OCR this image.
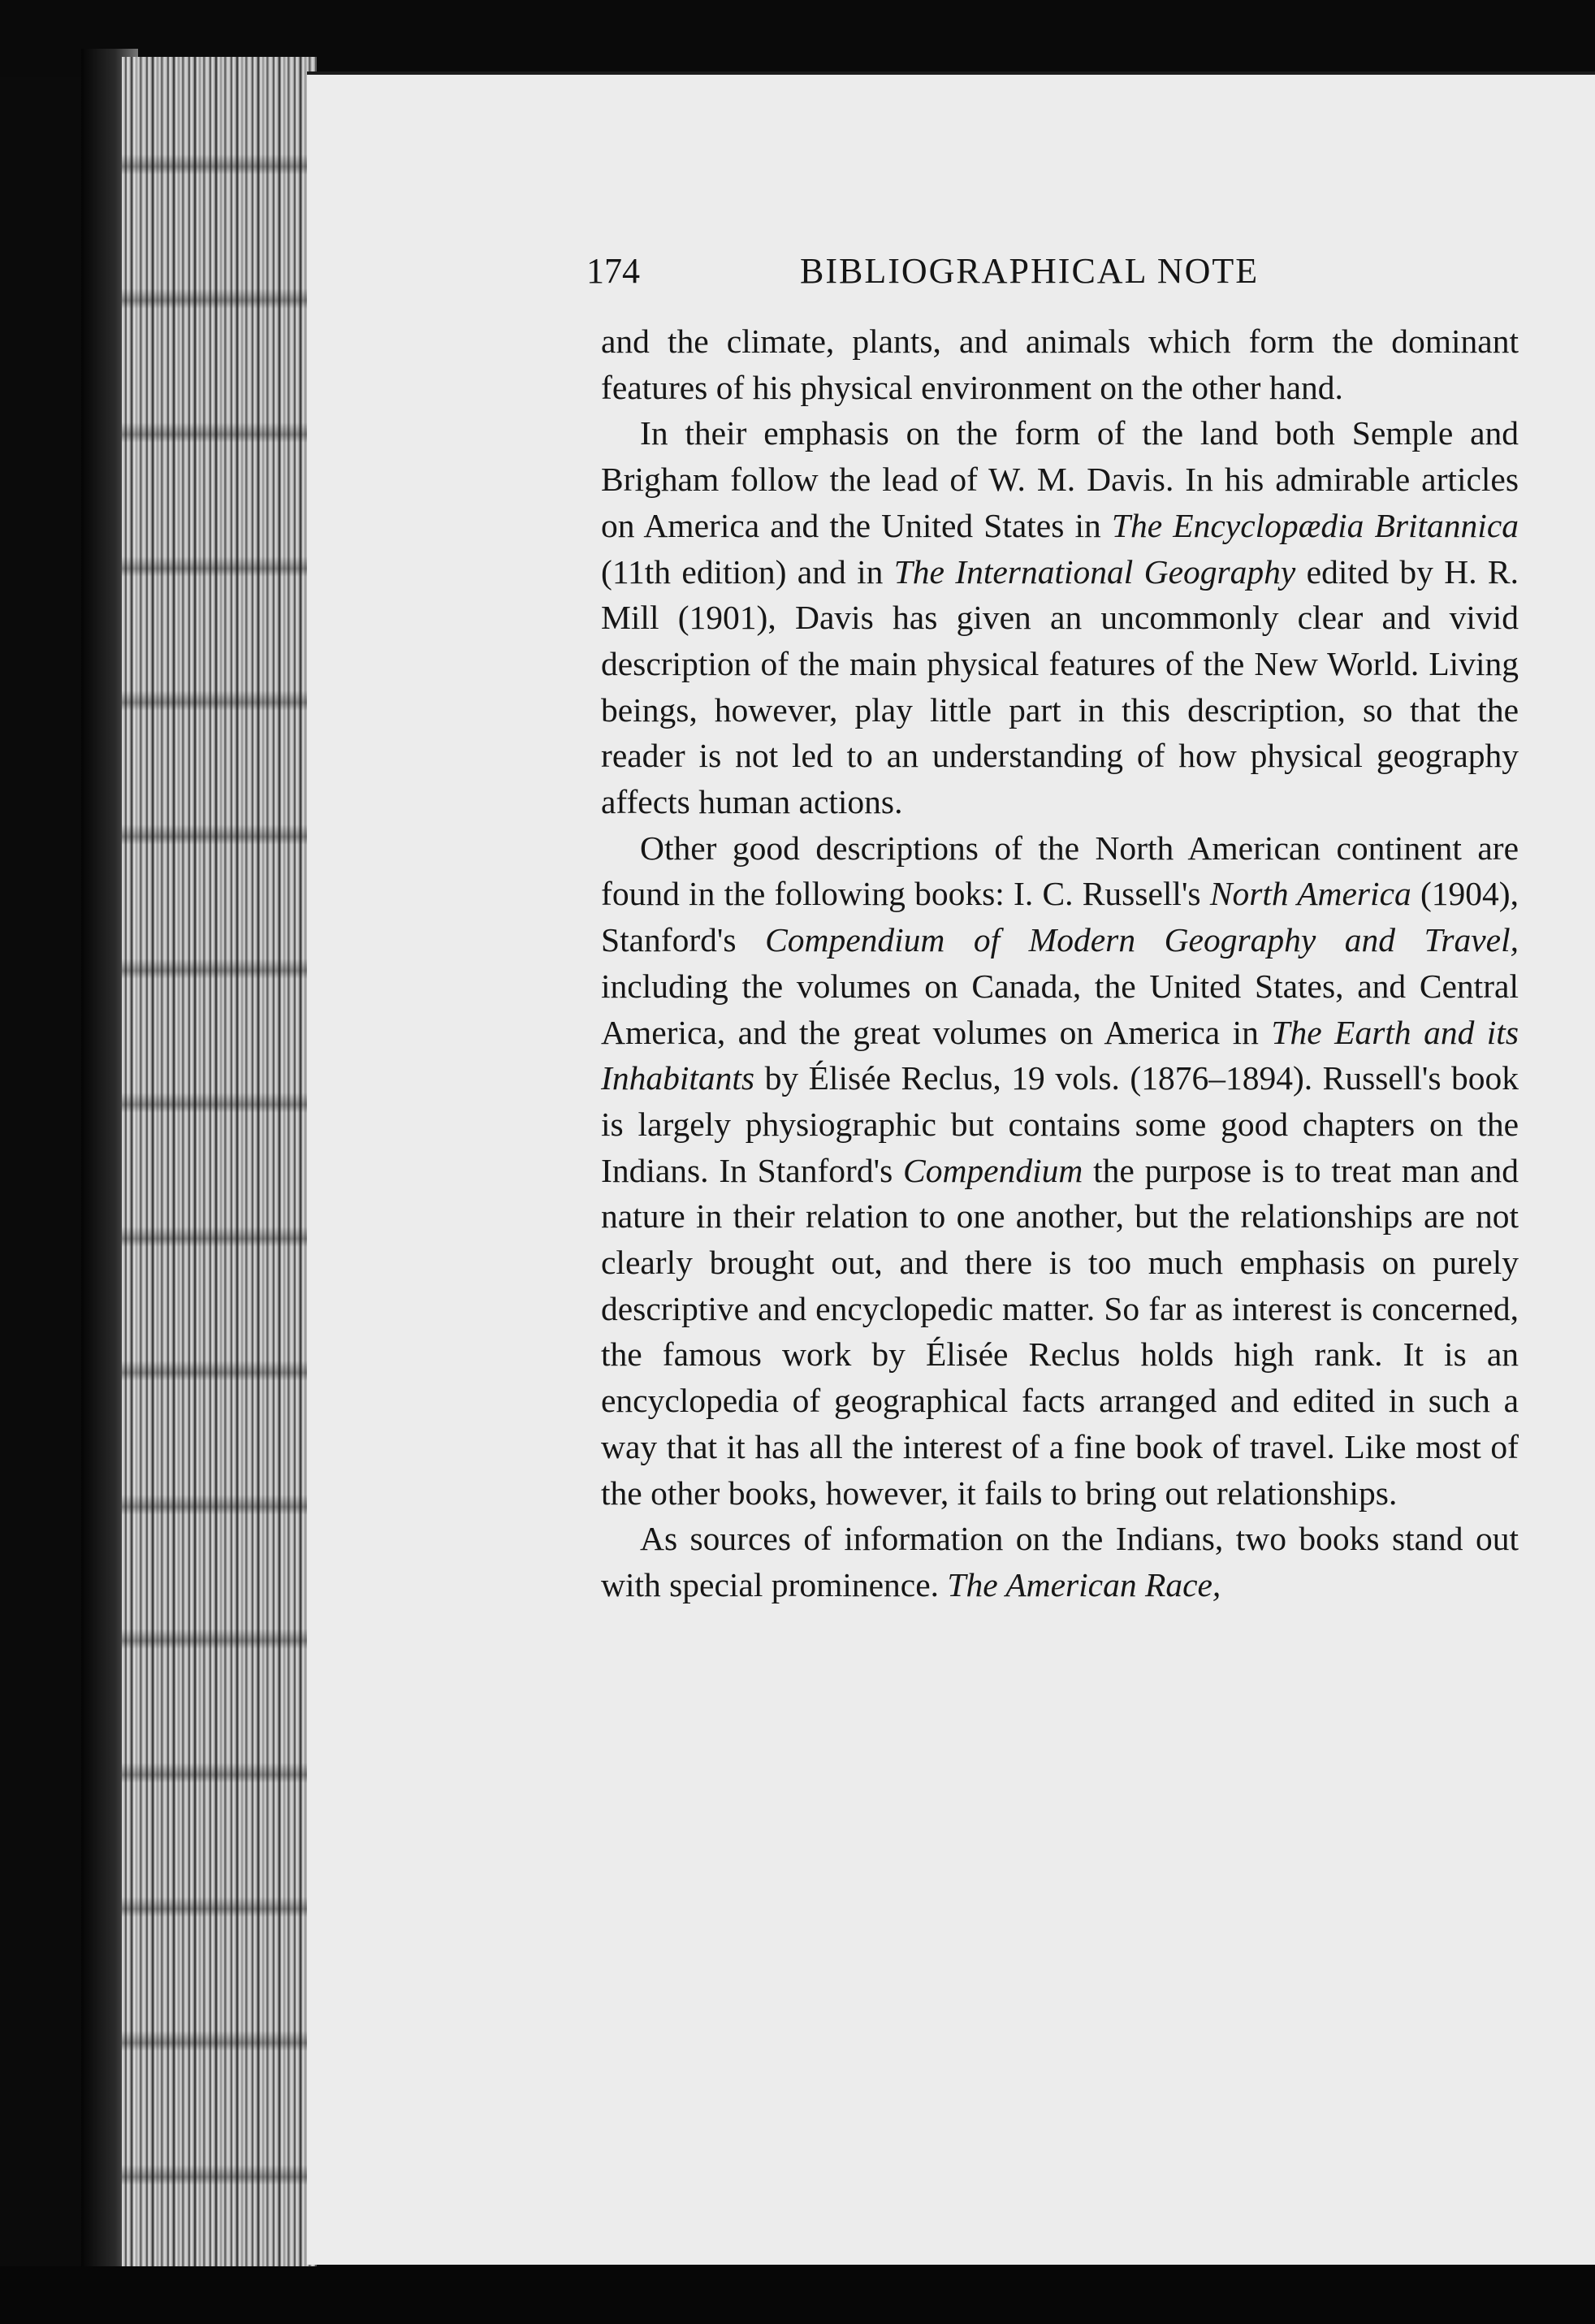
174	BIBLIOGRAPHICAL NOTE

and the climate, plants, and animals which form the dominant features of his physical environment on the other hand.

In their emphasis on the form of the land both Semple and Brigham follow the lead of W. M. Davis. In his admirable articles on America and the United States in The Encyclopædia Britannica (11th edition) and in The International Geography edited by H. R. Mill (1901), Davis has given an uncommonly clear and vivid description of the main physical features of the New World. Living beings, however, play little part in this description, so that the reader is not led to an understanding of how physical geography affects human actions.

Other good descriptions of the North American continent are found in the following books: I. C. Russell's North America (1904), Stanford's Compendium of Modern Geography and Travel, including the volumes on Canada, the United States, and Central America, and the great volumes on America in The Earth and its Inhabitants by Élisée Reclus, 19 vols. (1876–1894). Russell's book is largely physiographic but contains some good chapters on the Indians. In Stanford's Compendium the purpose is to treat man and nature in their relation to one another, but the relationships are not clearly brought out, and there is too much emphasis on purely descriptive and encyclopedic matter. So far as interest is concerned, the famous work by Élisée Reclus holds high rank. It is an encyclopedia of geographical facts arranged and edited in such a way that it has all the interest of a fine book of travel. Like most of the other books, however, it fails to bring out relationships.

As sources of information on the Indians, two books stand out with special prominence. The American Race,
